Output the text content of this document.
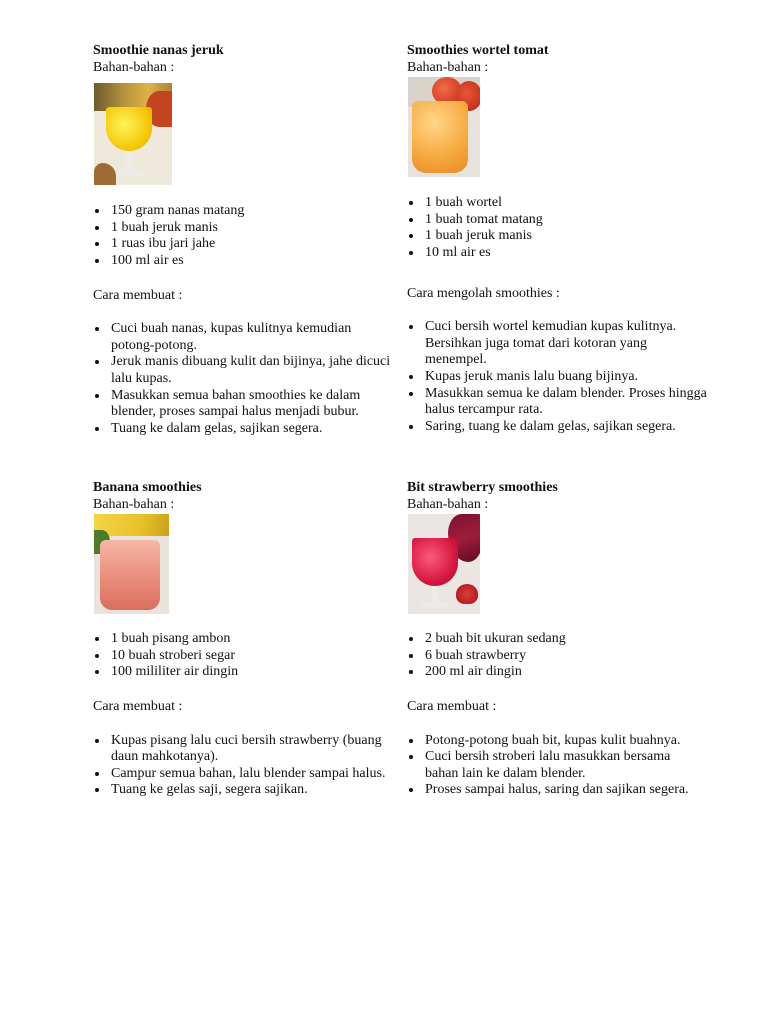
Smoothie nanas jeruk
Bahan-bahan :
150 gram nanas matang
1 buah jeruk manis
1 ruas ibu jari jahe
100 ml air es
Cara membuat :
Cuci buah nanas, kupas kulitnya kemudian potong-potong.
Jeruk manis dibuang kulit dan bijinya, jahe dicuci lalu kupas.
Masukkan semua bahan smoothies ke dalam blender, proses sampai halus menjadi bubur.
Tuang ke dalam gelas, sajikan segera.
Smoothies wortel tomat
Bahan-bahan :
1 buah wortel
1 buah tomat matang
1 buah jeruk manis
10 ml air es
Cara mengolah smoothies :
Cuci bersih wortel kemudian kupas kulitnya. Bersihkan juga tomat dari kotoran yang menempel.
Kupas jeruk manis lalu buang bijinya.
Masukkan semua ke dalam blender. Proses hingga halus tercampur rata.
Saring, tuang ke dalam gelas, sajikan segera.
Banana smoothies
Bahan-bahan :
1 buah pisang ambon
10 buah stroberi segar
100 mililiter air dingin
Cara membuat :
Kupas pisang lalu cuci bersih strawberry (buang daun mahkotanya).
Campur semua bahan, lalu blender sampai halus.
Tuang ke gelas saji, segera sajikan.
Bit strawberry smoothies
Bahan-bahan :
2 buah bit ukuran sedang
6 buah strawberry
200 ml air dingin
Cara membuat :
Potong-potong buah bit, kupas kulit buahnya.
Cuci bersih stroberi lalu masukkan bersama bahan lain ke dalam blender.
Proses sampai halus, saring dan sajikan segera.
